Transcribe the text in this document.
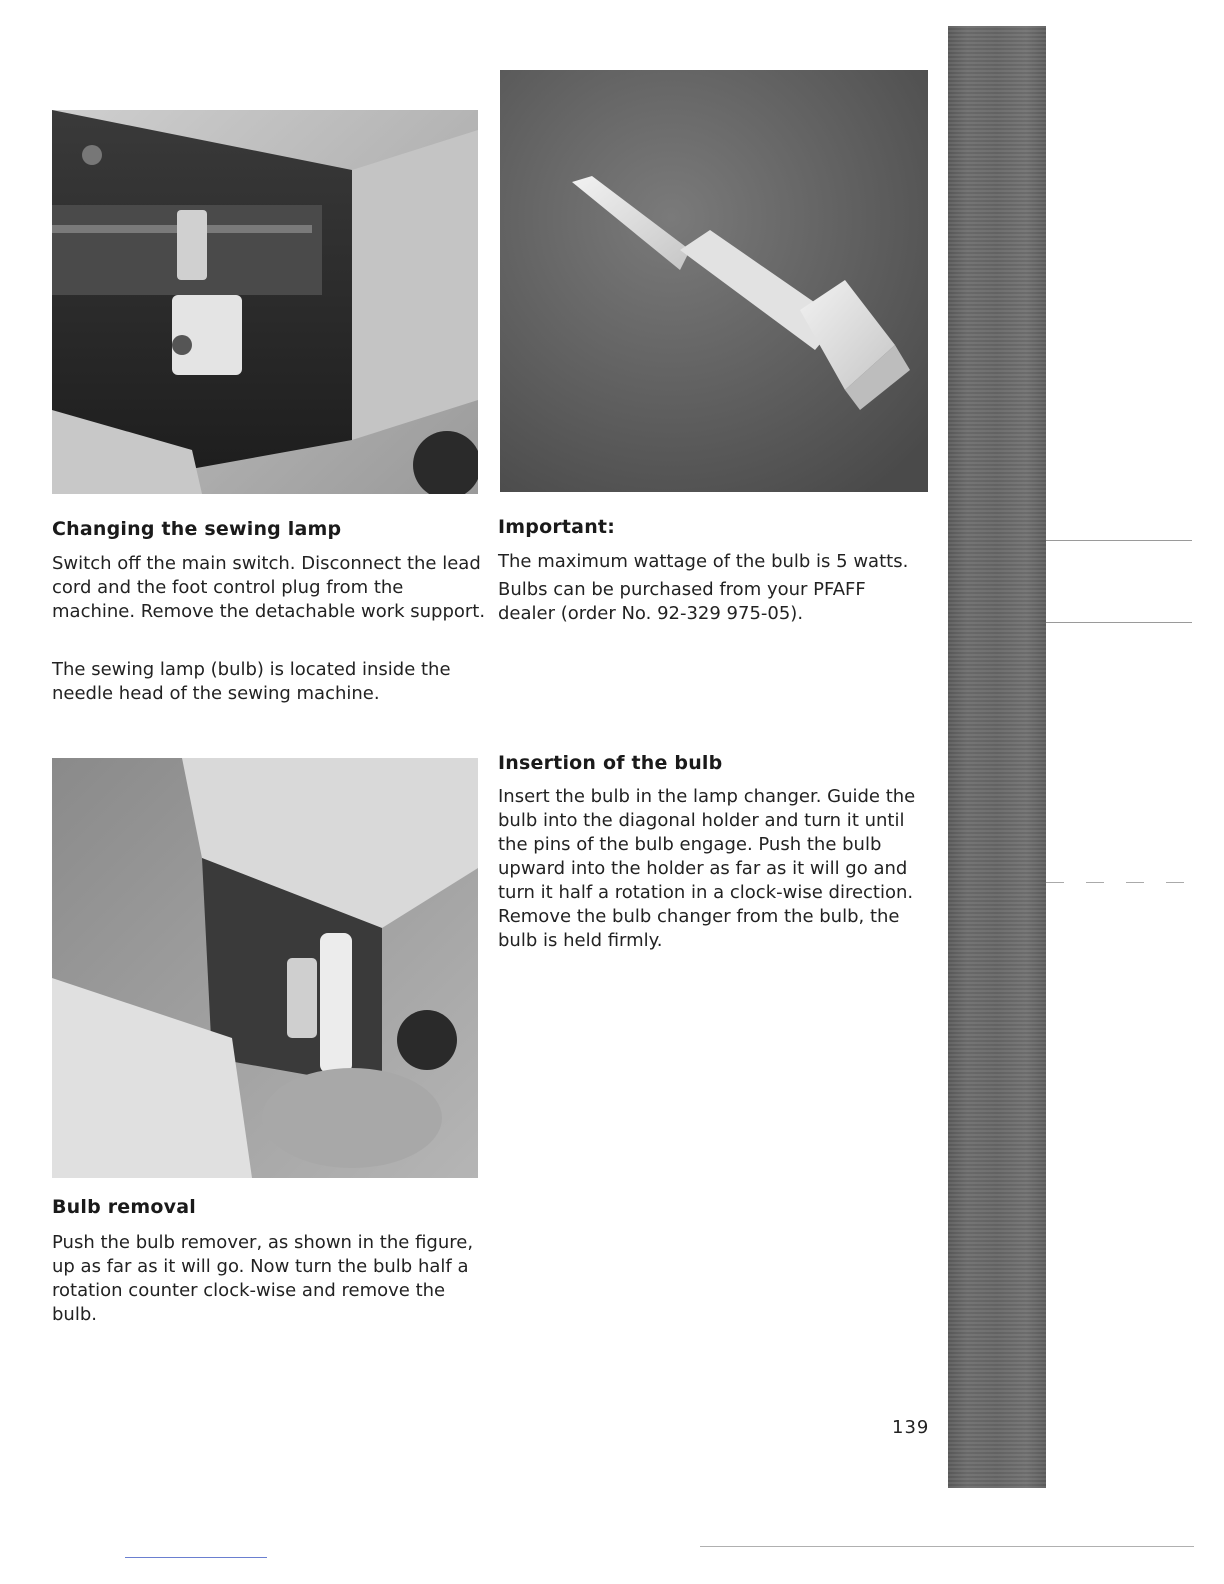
Changing the sewing lamp

Switch off the main switch. Disconnect the lead
cord and the foot control plug from the
machine. Remove the detachable work support.

The sewing lamp (bulb) is located inside the
needle head of the sewing machine.

Important:

The maximum wattage of the bulb is 5 watts.

Bulbs can be purchased from your PFAFF
dealer (order No. 92-329 975-05).

Insertion of the bulb

Insert the bulb in the lamp changer. Guide the
bulb into the diagonal holder and turn it until
the pins of the bulb engage. Push the bulb
upward into the holder as far as it will go and
turn it half a rotation in a clock-wise direction.
Remove the bulb changer from the bulb, the
bulb is held firmly.

Bulb removal

Push the bulb remover, as shown in the figure,
up as far as it will go. Now turn the bulb half a
rotation counter clock-wise and remove the
bulb.

139
